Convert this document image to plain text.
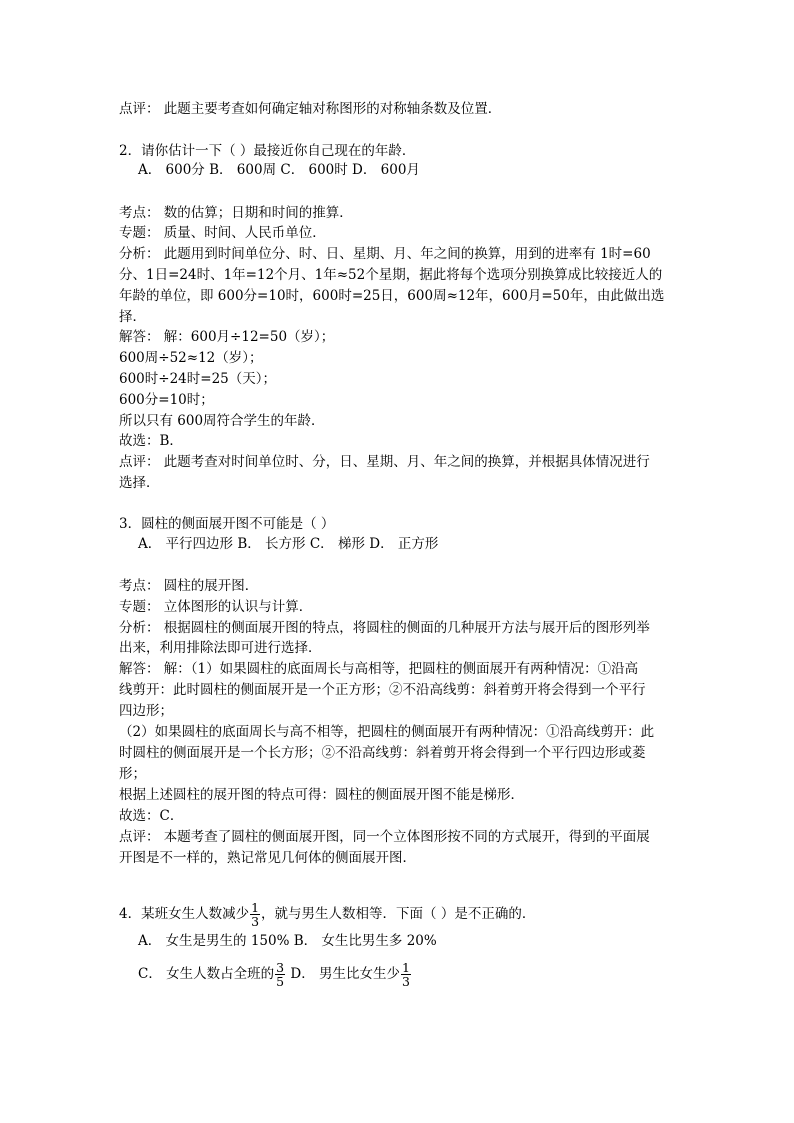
点评： 此题主要考查如何确定轴对称图形的对称轴条数及位置．
2．请你估计一下（ ）最接近你自己现在的年龄．
A． 600分 B． 600周 C． 600时 D． 600月
考点： 数的估算；日期和时间的推算．
专题： 质量、时间、人民币单位．
分析： 此题用到时间单位分、时、日、星期、月、年之间的换算，用到的进率有 1时=60
分、1日=24时、1年=12个月、1年≈52个星期，据此将每个选项分别换算成比较接近人的
年龄的单位，即 600分=10时，600时=25日，600周≈12年，600月=50年，由此做出选
择．
解答： 解：600月÷12=50（岁）；
600周÷52≈12（岁）；
600时÷24时=25（天）；
600分=10时；
所以只有 600周符合学生的年龄．
故选：B．
点评： 此题考查对时间单位时、分，日、星期、月、年之间的换算，并根据具体情况进行
选择．
3．圆柱的侧面展开图不可能是（ ）
A． 平行四边形 B． 长方形 C． 梯形 D． 正方形
考点： 圆柱的展开图．
专题： 立体图形的认识与计算．
分析： 根据圆柱的侧面展开图的特点，将圆柱的侧面的几种展开方法与展开后的图形列举
出来，利用排除法即可进行选择．
解答： 解：（1）如果圆柱的底面周长与高相等，把圆柱的侧面展开有两种情况：①沿高
线剪开：此时圆柱的侧面展开是一个正方形；②不沿高线剪：斜着剪开将会得到一个平行
四边形；
（2）如果圆柱的底面周长与高不相等，把圆柱的侧面展开有两种情况：①沿高线剪开：此
时圆柱的侧面展开是一个长方形；②不沿高线剪：斜着剪开将会得到一个平行四边形或菱
形；
根据上述圆柱的展开图的特点可得：圆柱的侧面展开图不能是梯形．
故选：C．
点评： 本题考查了圆柱的侧面展开图，同一个立体图形按不同的方式展开，得到的平面展
开图是不一样的，熟记常见几何体的侧面展开图．
4．某班女生人数减少 $\frac{1}{3}$ ，就与男生人数相等．下面（ ）是不正确的．
A． 女生是男生的 150% B． 女生比男生多 20%
C． 女生人数占全班的 $\frac{3}{5}$ D． 男生比女生少 $\frac{1}{3}$
